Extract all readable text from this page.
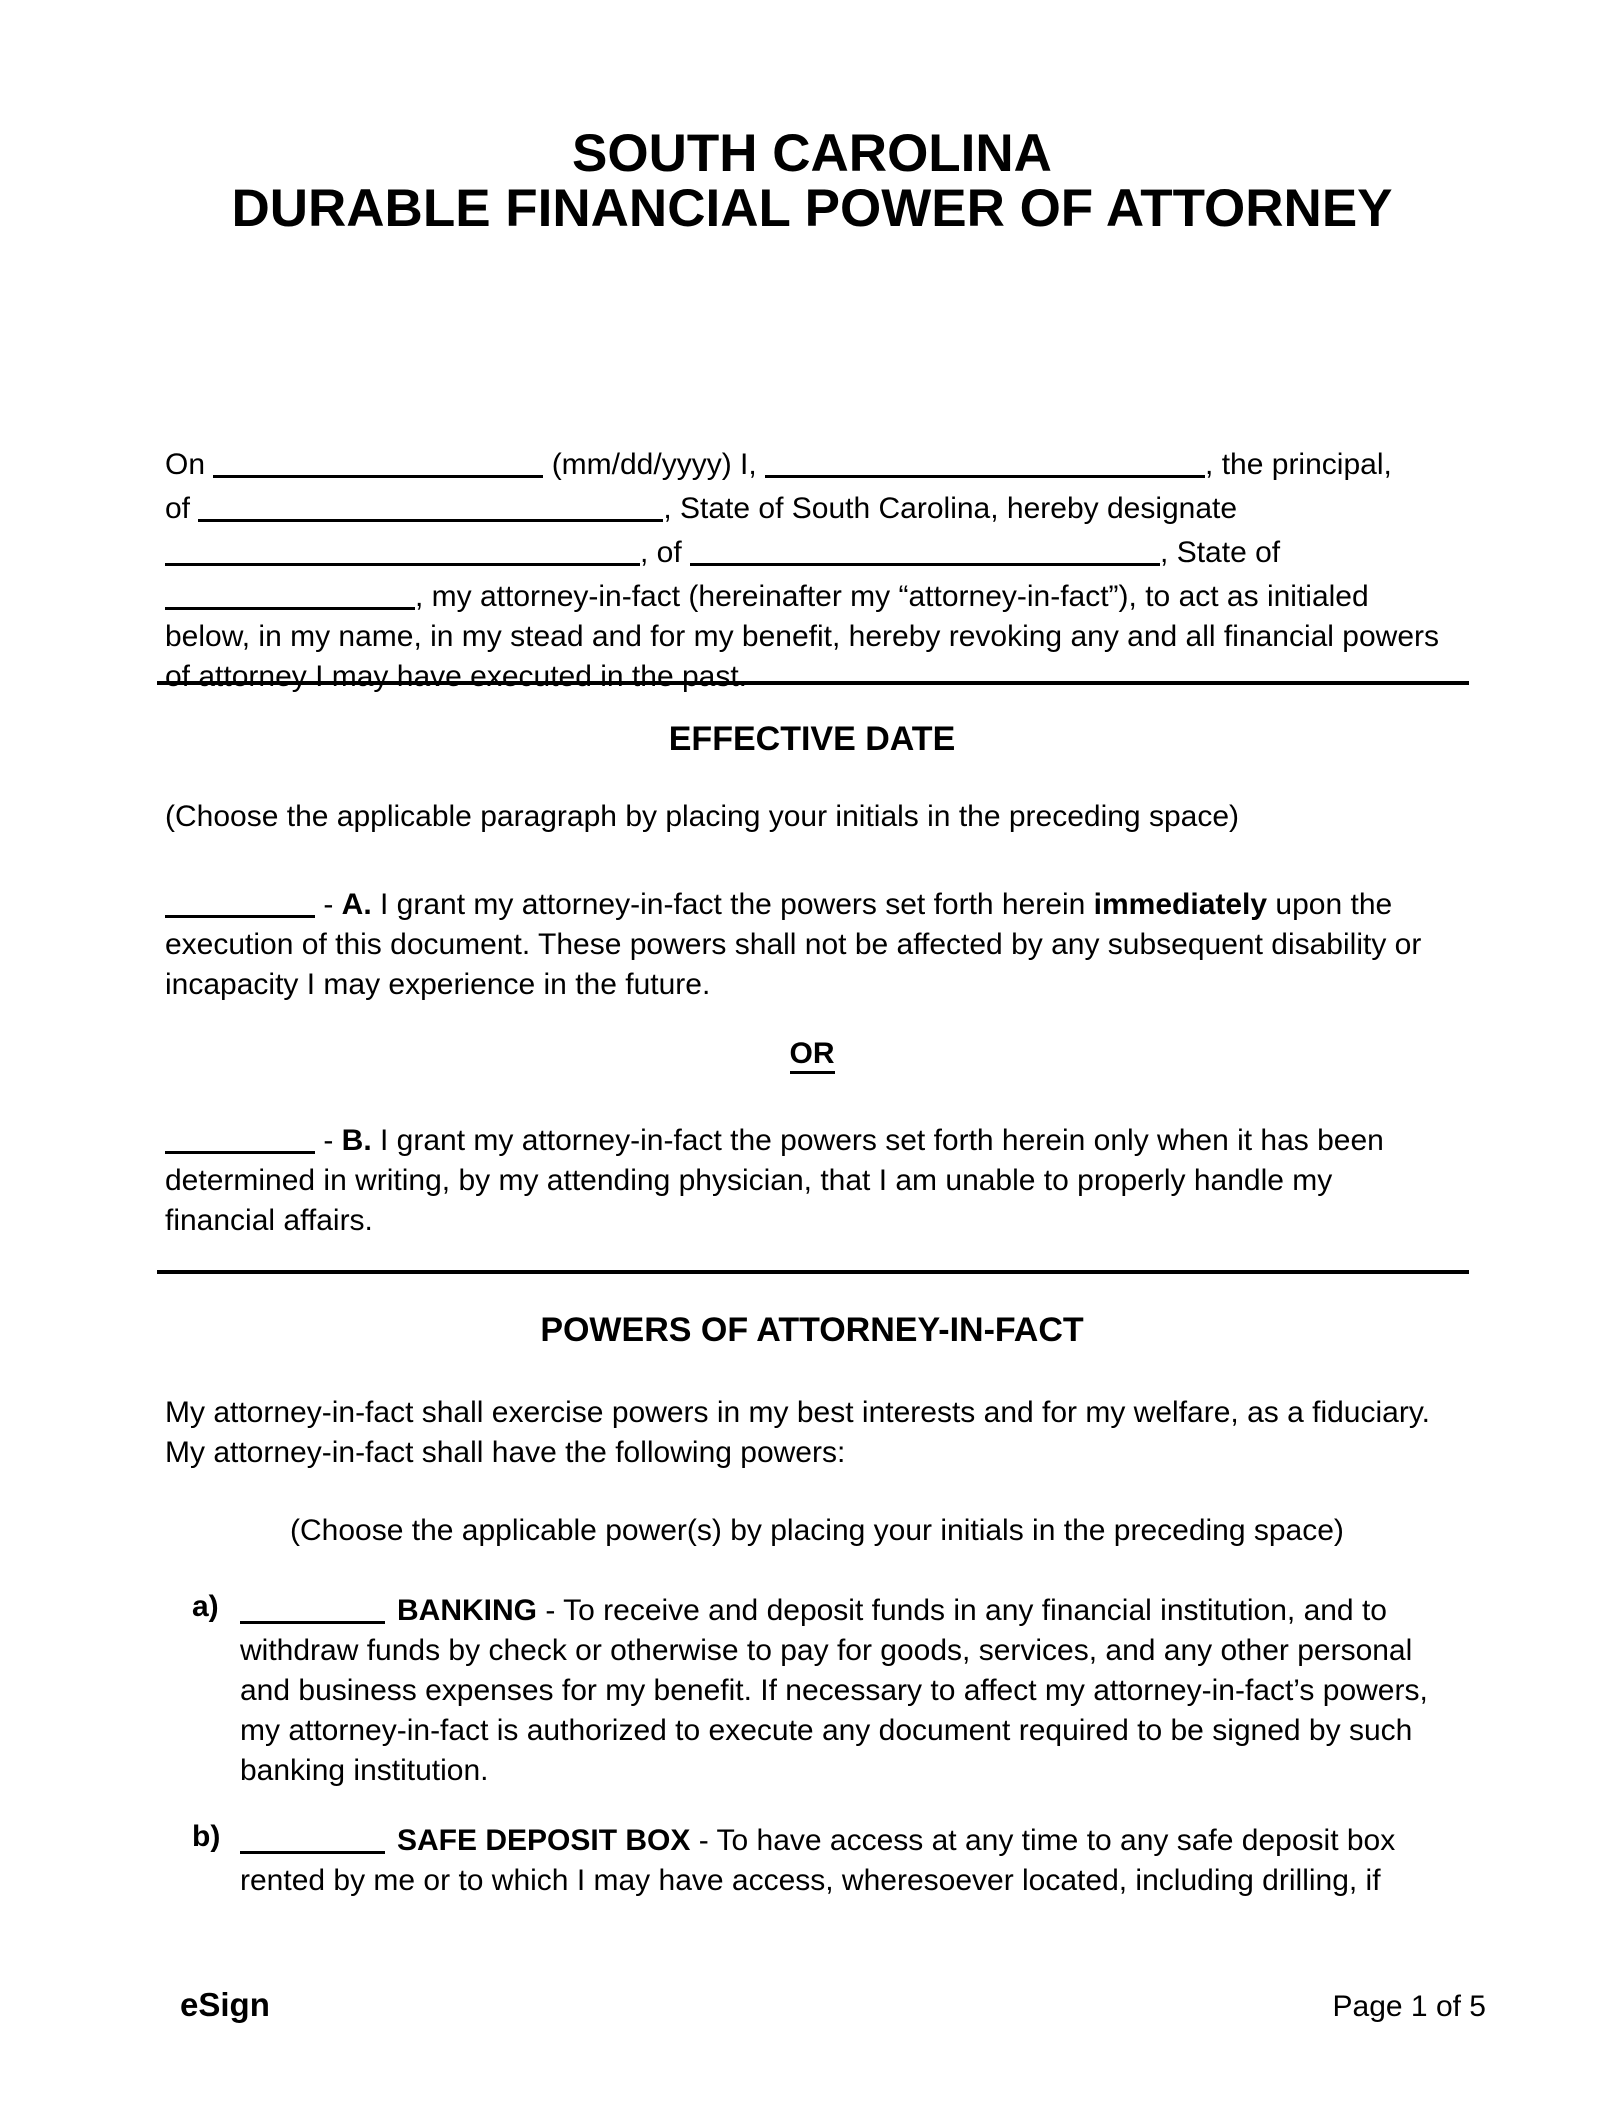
SOUTH CAROLINA
DURABLE FINANCIAL POWER OF ATTORNEY
On	(mm/dd/yyyy) I,	, the principal,
of	, State of South Carolina, hereby designate
, of	, State of
, my attorney-in-fact (hereinafter my “attorney-in-fact”), to act as initialed
below, in my name, in my stead and for my benefit, hereby revoking any and all financial powers
of attorney I may have executed in the past.
EFFECTIVE DATE
(Choose the applicable paragraph by placing your initials in the preceding space)
- A. I grant my attorney-in-fact the powers set forth herein immediately upon the
execution of this document. These powers shall not be affected by any subsequent disability or
incapacity I may experience in the future.
OR
- B. I grant my attorney-in-fact the powers set forth herein only when it has been
determined in writing, by my attending physician, that I am unable to properly handle my
financial affairs.
POWERS OF ATTORNEY-IN-FACT
My attorney-in-fact shall exercise powers in my best interests and for my welfare, as a fiduciary.
My attorney-in-fact shall have the following powers:
(Choose the applicable power(s) by placing your initials in the preceding space)
a)	BANKING - To receive and deposit funds in any financial institution, and to
withdraw funds by check or otherwise to pay for goods, services, and any other personal
and business expenses for my benefit. If necessary to affect my attorney-in-fact’s powers,
my attorney-in-fact is authorized to execute any document required to be signed by such
banking institution.
b)	SAFE DEPOSIT BOX - To have access at any time to any safe deposit box
rented by me or to which I may have access, wheresoever located, including drilling, if
eSign	Page 1 of 5
